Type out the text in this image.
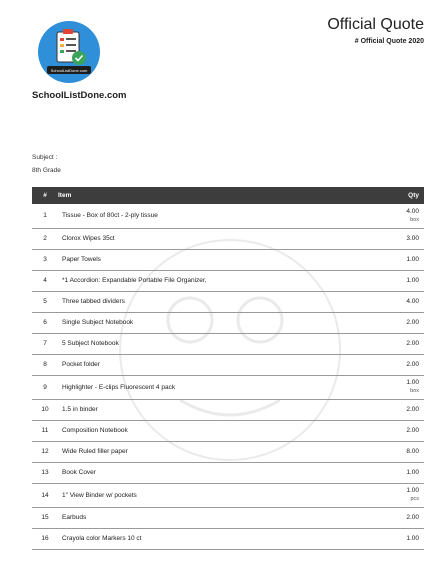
SchoolListDone.com
SchoolListDone.com
Official Quote
# Official Quote 2020
Subject :
8th Grade
#	Item	Qty
1	Tissue - Box of 80ct - 2-ply tissue	4.00
box

2	Clorox Wipes 35ct	3.00
3	Paper Towels	1.00
4	*1 Accordion: Expandable Portable File Organizer,	1.00
5	Three tabbed dividers	4.00
6	Single Subject Notebook	2.00
7	5 Subject Notebook	2.00
8	Pocket folder	2.00
9	Highlighter - E-clips Fluorescent 4 pack	1.00
box

10	1.5 in binder	2.00
11	Composition Notebook	2.00
12	Wide Ruled filler paper	8.00
13	Book Cover	1.00
14	1" View Binder w/ pockets	1.00
pcs

15	Earbuds	2.00
16	Crayola color Markers 10 ct	1.00
